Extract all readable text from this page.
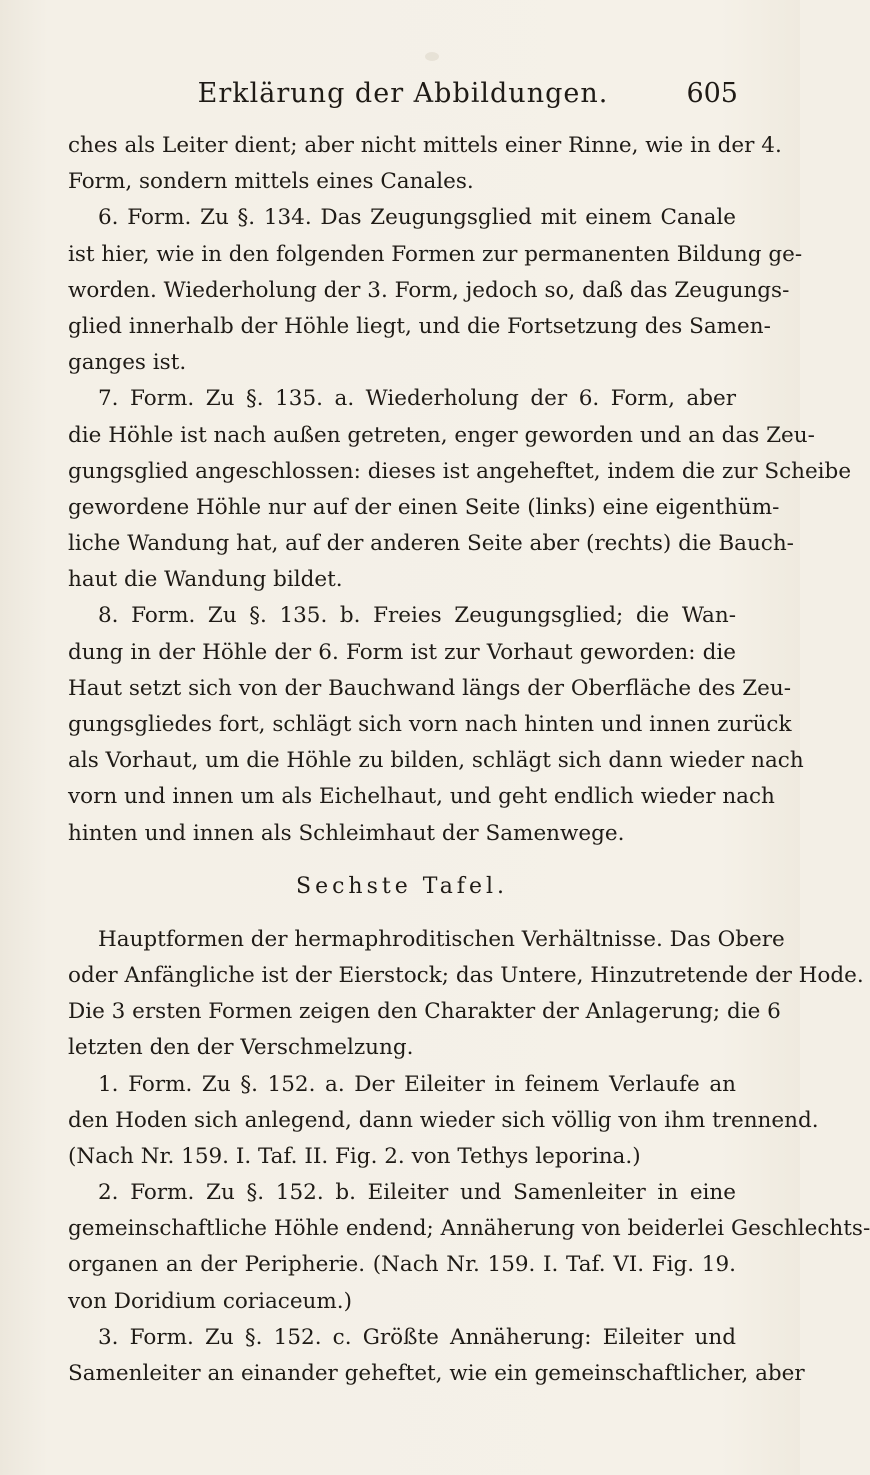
Erklärung der Abbildungen.	605
ches als Leiter dient; aber nicht mittels einer Rinne, wie in der 4.
Form, sondern mittels eines Canales.
6. Form. Zu §. 134. Das Zeugungsglied mit einem Canale
ist hier, wie in den folgenden Formen zur permanenten Bildung ge-
worden. Wiederholung der 3. Form, jedoch so, daß das Zeugungs-
glied innerhalb der Höhle liegt, und die Fortsetzung des Samen-
ganges ist.
7. Form. Zu §. 135. a. Wiederholung der 6. Form, aber
die Höhle ist nach außen getreten, enger geworden und an das Zeu-
gungsglied angeschlossen: dieses ist angeheftet, indem die zur Scheibe
gewordene Höhle nur auf der einen Seite (links) eine eigenthüm-
liche Wandung hat, auf der anderen Seite aber (rechts) die Bauch-
haut die Wandung bildet.
8. Form. Zu §. 135. b. Freies Zeugungsglied; die Wan-
dung in der Höhle der 6. Form ist zur Vorhaut geworden: die
Haut setzt sich von der Bauchwand längs der Oberfläche des Zeu-
gungsgliedes fort, schlägt sich vorn nach hinten und innen zurück
als Vorhaut, um die Höhle zu bilden, schlägt sich dann wieder nach
vorn und innen um als Eichelhaut, und geht endlich wieder nach
hinten und innen als Schleimhaut der Samenwege.
Sechste Tafel.
Hauptformen der hermaphroditischen Verhältnisse. Das Obere
oder Anfängliche ist der Eierstock; das Untere, Hinzutretende der Hode.
Die 3 ersten Formen zeigen den Charakter der Anlagerung; die 6
letzten den der Verschmelzung.
1. Form. Zu §. 152. a. Der Eileiter in feinem Verlaufe an
den Hoden sich anlegend, dann wieder sich völlig von ihm trennend.
(Nach Nr. 159. I. Taf. II. Fig. 2. von Tethys leporina.)
2. Form. Zu §. 152. b. Eileiter und Samenleiter in eine
gemeinschaftliche Höhle endend; Annäherung von beiderlei Geschlechts-
organen an der Peripherie. (Nach Nr. 159. I. Taf. VI. Fig. 19.
von Doridium coriaceum.)
3. Form. Zu §. 152. c. Größte Annäherung: Eileiter und
Samenleiter an einander geheftet, wie ein gemeinschaftlicher, aber
